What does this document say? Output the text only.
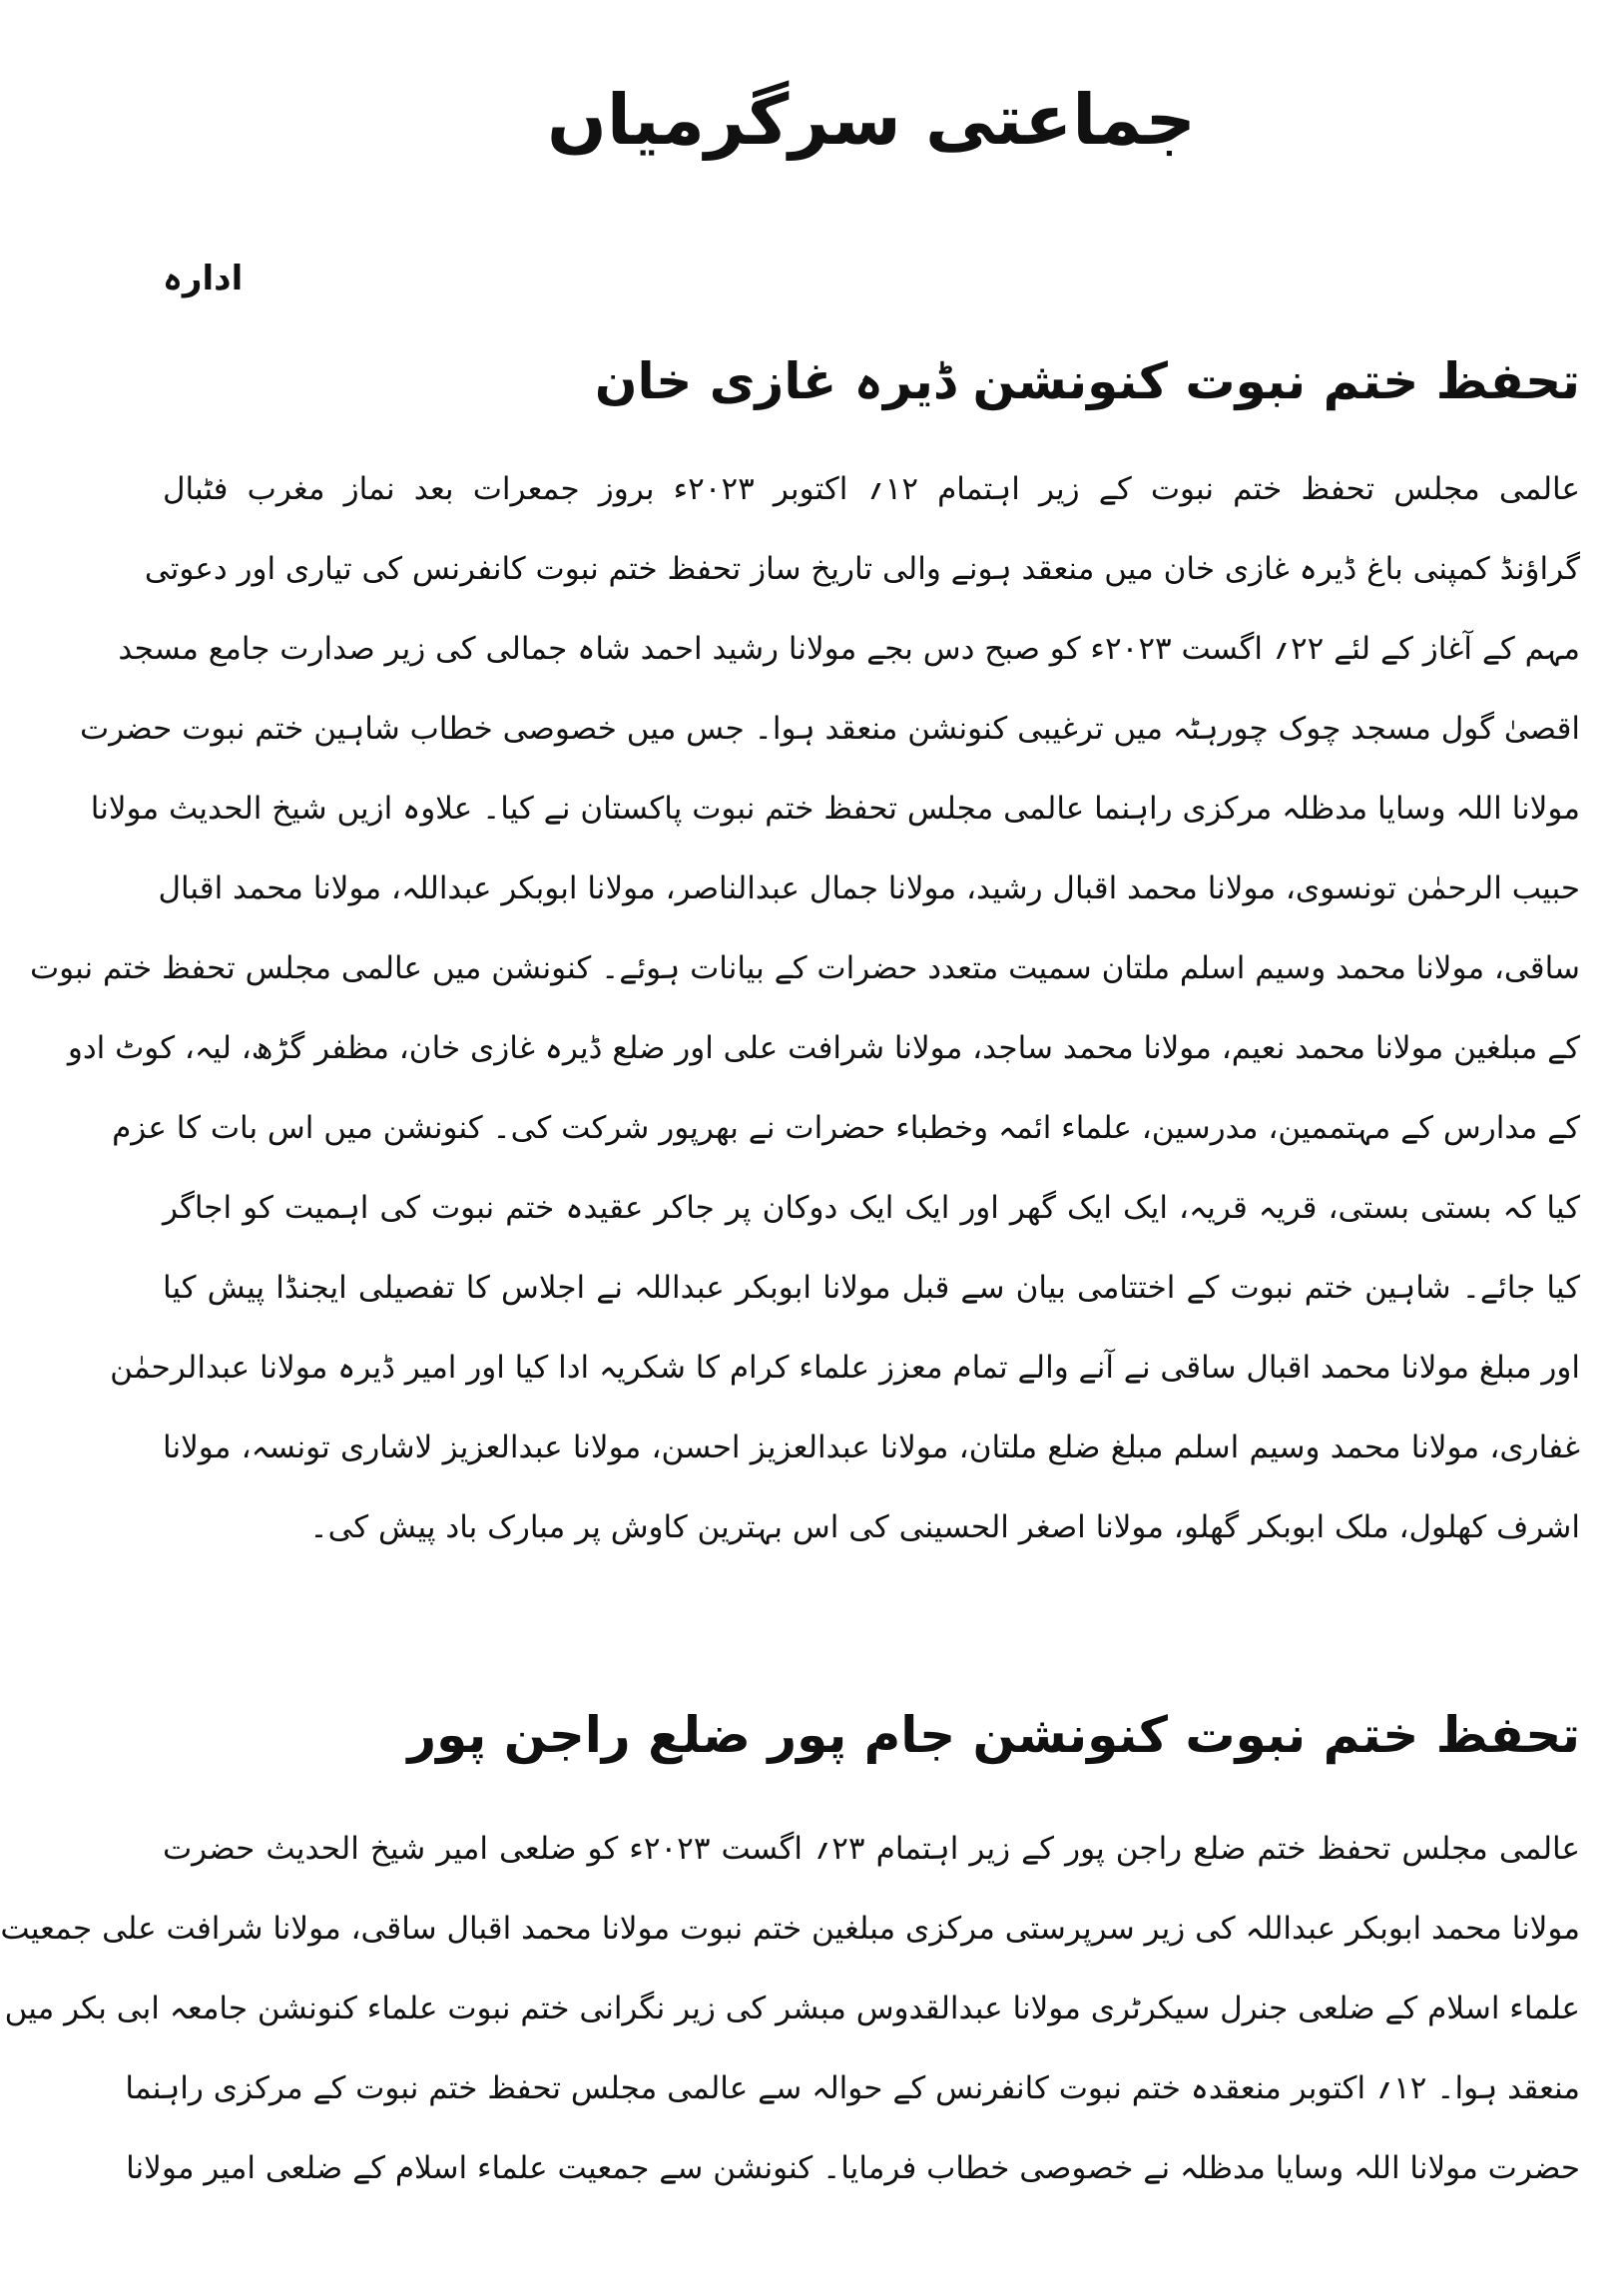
جماعتی سرگرمیاں

ادارہ

تحفظ ختم نبوت کنونشن ڈیرہ غازی خان
عالمی مجلس تحفظ ختم نبوت کے زیر اہتمام ۱۲؍ اکتوبر ۲۰۲۳ء بروز جمعرات بعد نماز مغرب فٹبال
گراؤنڈ کمپنی باغ ڈیرہ غازی خان میں منعقد ہونے والی تاریخ ساز تحفظ ختم نبوت کانفرنس کی تیاری اور دعوتی
مہم کے آغاز کے لئے ۲۲؍ اگست ۲۰۲۳ء کو صبح دس بجے مولانا رشید احمد شاہ جمالی کی زیر صدارت جامع مسجد
اقصیٰ گول مسجد چوک چورہٹہ میں ترغیبی کنونشن منعقد ہوا۔ جس میں خصوصی خطاب شاہین ختم نبوت حضرت
مولانا اللہ وسایا مدظلہ مرکزی راہنما عالمی مجلس تحفظ ختم نبوت پاکستان نے کیا۔ علاوہ ازیں شیخ الحدیث مولانا
حبیب الرحمٰن تونسوی، مولانا محمد اقبال رشید، مولانا جمال عبدالناصر، مولانا ابوبکر عبداللہ، مولانا محمد اقبال
ساقی، مولانا محمد وسیم اسلم ملتان سمیت متعدد حضرات کے بیانات ہوئے۔ کنونشن میں عالمی مجلس تحفظ ختم نبوت
کے مبلغین مولانا محمد نعیم، مولانا محمد ساجد، مولانا شرافت علی اور ضلع ڈیرہ غازی خان، مظفر گڑھ، لیہ، کوٹ ادو
کے مدارس کے مہتممین، مدرسین، علماء ائمہ وخطباء حضرات نے بھرپور شرکت کی۔ کنونشن میں اس بات کا عزم
کیا کہ بستی بستی، قریہ قریہ، ایک ایک گھر اور ایک ایک دوکان پر جاکر عقیدہ ختم نبوت کی اہمیت کو اجاگر
کیا جائے۔ شاہین ختم نبوت کے اختتامی بیان سے قبل مولانا ابوبکر عبداللہ نے اجلاس کا تفصیلی ایجنڈا پیش کیا
اور مبلغ مولانا محمد اقبال ساقی نے آنے والے تمام معزز علماء کرام کا شکریہ ادا کیا اور امیر ڈیرہ مولانا عبدالرحمٰن
غفاری، مولانا محمد وسیم اسلم مبلغ ضلع ملتان، مولانا عبدالعزیز احسن، مولانا عبدالعزیز لاشاری تونسہ، مولانا
اشرف کھلول، ملک ابوبکر گھلو، مولانا اصغر الحسینی کی اس بہترین کاوش پر مبارک باد پیش کی۔
تحفظ ختم نبوت کنونشن جام پور ضلع راجن پور
عالمی مجلس تحفظ ختم ضلع راجن پور کے زیر اہتمام ۲۳؍ اگست ۲۰۲۳ء کو ضلعی امیر شیخ الحدیث حضرت
مولانا محمد ابوبکر عبداللہ کی زیر سرپرستی مرکزی مبلغین ختم نبوت مولانا محمد اقبال ساقی، مولانا شرافت علی جمعیت
علماء اسلام کے ضلعی جنرل سیکرٹری مولانا عبدالقدوس مبشر کی زیر نگرانی ختم نبوت علماء کنونشن جامعہ ابی بکر میں
منعقد ہوا۔ ۱۲؍ اکتوبر منعقدہ ختم نبوت کانفرنس کے حوالہ سے عالمی مجلس تحفظ ختم نبوت کے مرکزی راہنما
حضرت مولانا اللہ وسایا مدظلہ نے خصوصی خطاب فرمایا۔ کنونشن سے جمعیت علماء اسلام کے ضلعی امیر مولانا
